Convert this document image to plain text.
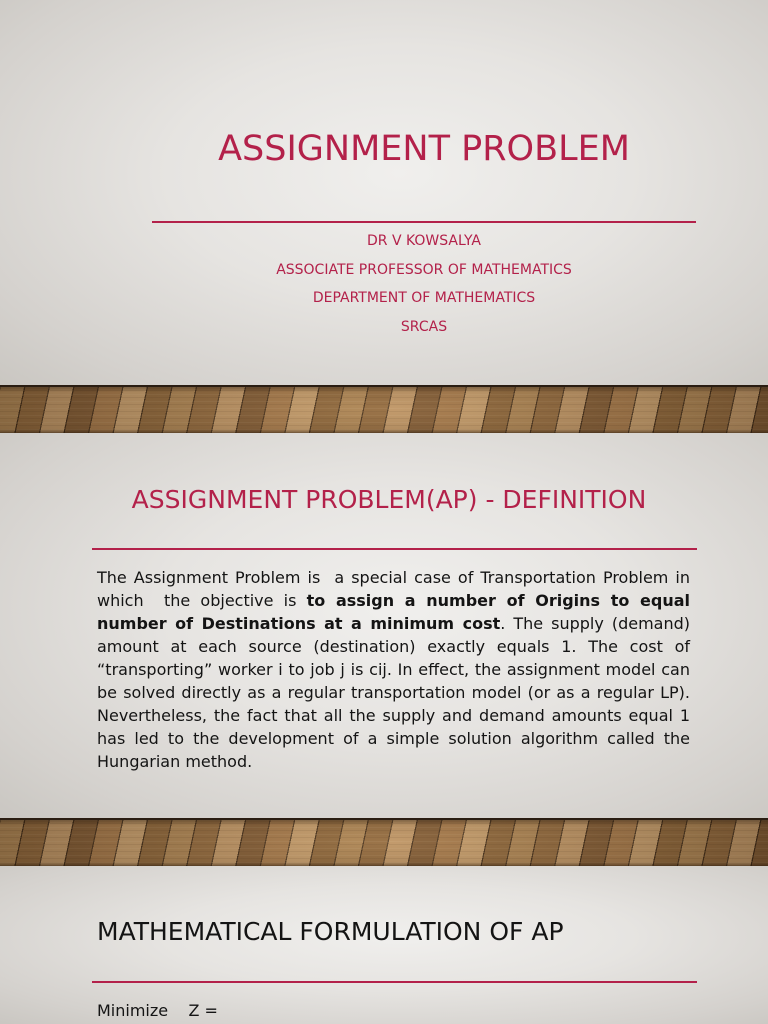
ASSIGNMENT PROBLEM
DR V KOWSALYA
ASSOCIATE PROFESSOR OF MATHEMATICS
DEPARTMENT OF MATHEMATICS
SRCAS
ASSIGNMENT PROBLEM(AP) - DEFINITION

The Assignment Problem is  a special case of Transportation Problem in which  the objective is to assign a number of Origins to equal number of Destinations at a minimum cost. The supply (demand) amount at each source (destination) exactly equals 1. The cost of “transporting” worker i to job j is cij. In effect, the assignment model can be solved directly as a regular transportation model (or as a regular LP). Nevertheless, the fact that all the supply and demand amounts equal 1 has led to the development of a simple solution algorithm called the Hungarian method.

MATHEMATICAL FORMULATION OF AP

Minimize    Z =
